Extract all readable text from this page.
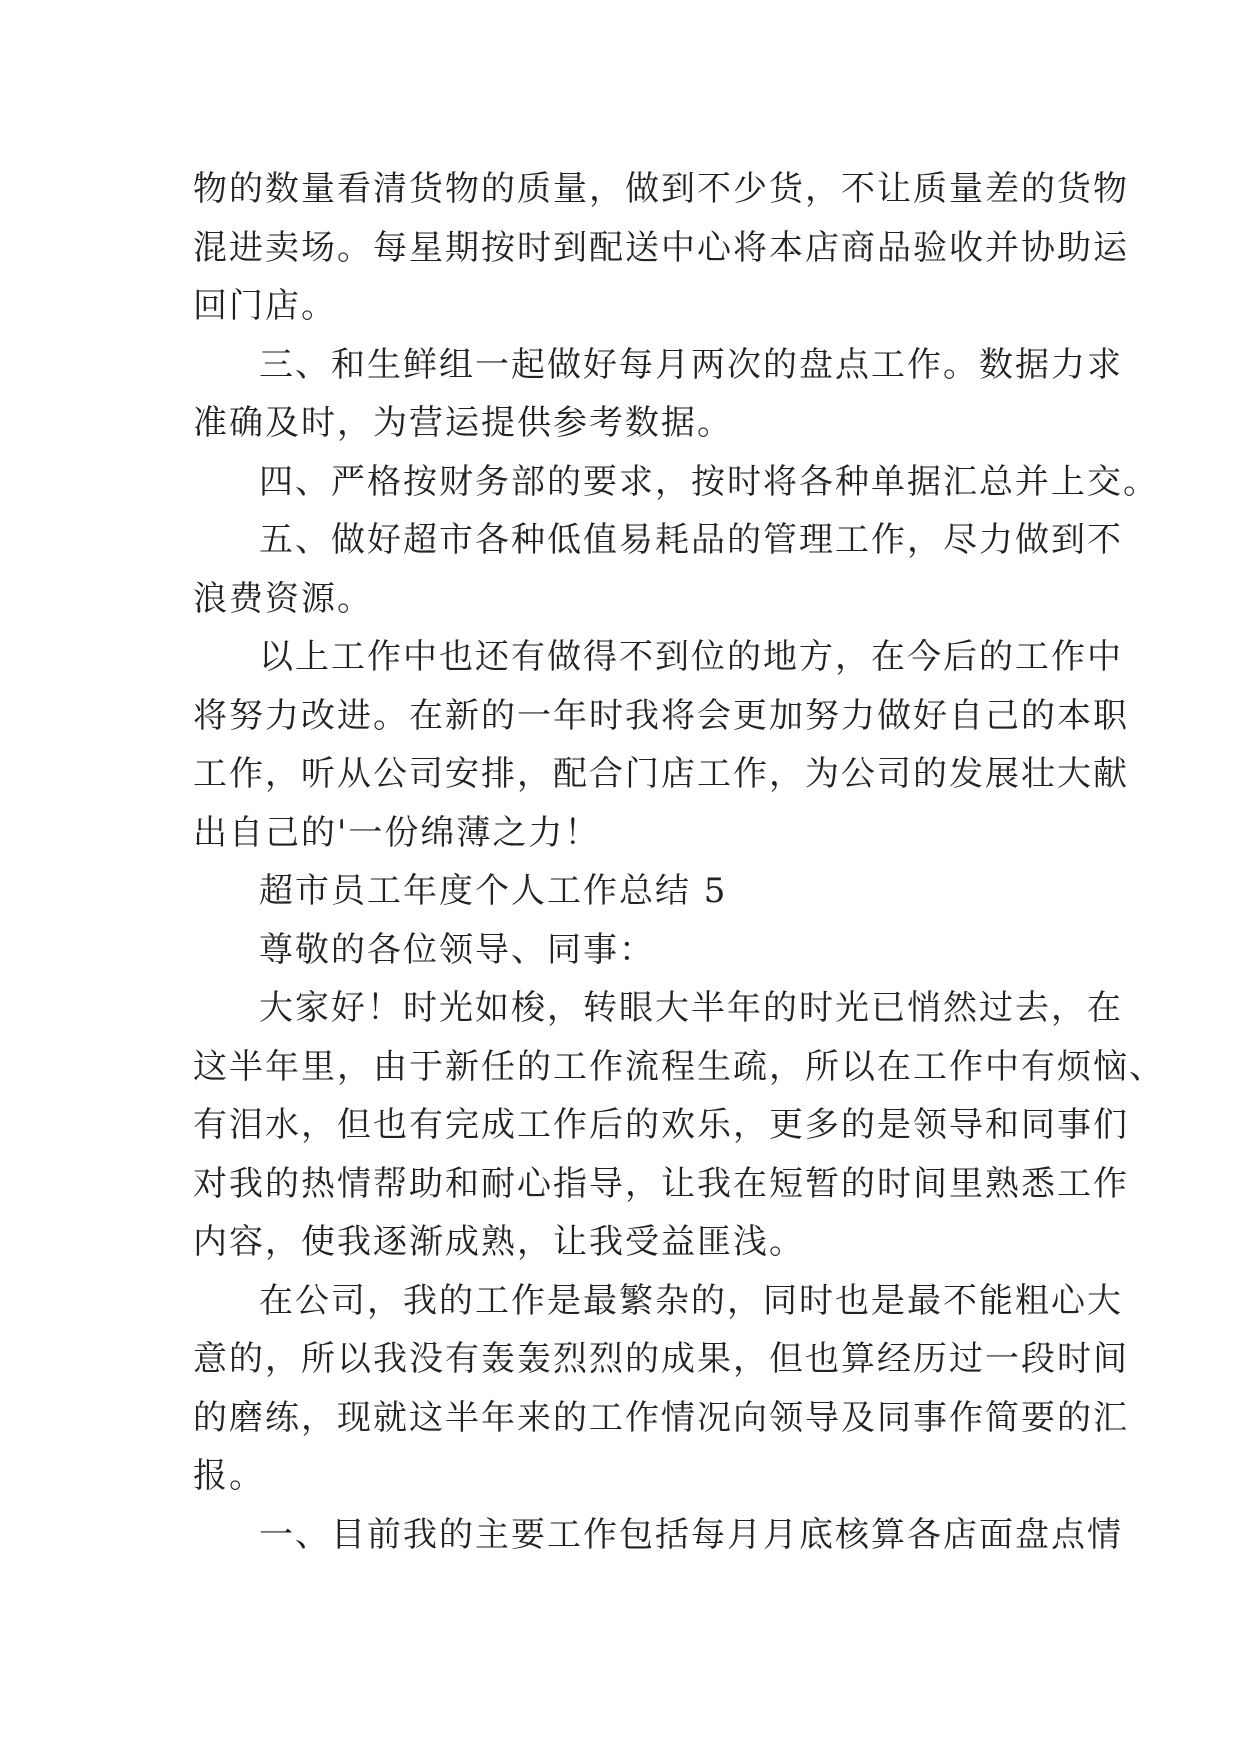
物的数量看清货物的质量，做到不少货，不让质量差的货物

混进卖场。每星期按时到配送中心将本店商品验收并协助运

回门店。

三、和生鲜组一起做好每月两次的盘点工作。数据力求

准确及时，为营运提供参考数据。

四、严格按财务部的要求，按时将各种单据汇总并上交。

五、做好超市各种低值易耗品的管理工作，尽力做到不

浪费资源。

以上工作中也还有做得不到位的地方，在今后的工作中

将努力改进。在新的一年时我将会更加努力做好自己的本职

工作，听从公司安排，配合门店工作，为公司的发展壮大献

出自己的'一份绵薄之力！

超市员工年度个人工作总结 5

尊敬的各位领导、同事：

大家好！时光如梭，转眼大半年的时光已悄然过去，在

这半年里，由于新任的工作流程生疏，所以在工作中有烦恼、

有泪水，但也有完成工作后的欢乐，更多的是领导和同事们

对我的热情帮助和耐心指导，让我在短暂的时间里熟悉工作

内容，使我逐渐成熟，让我受益匪浅。

在公司，我的工作是最繁杂的，同时也是最不能粗心大

意的，所以我没有轰轰烈烈的成果，但也算经历过一段时间

的磨练，现就这半年来的工作情况向领导及同事作简要的汇

报。

一、目前我的主要工作包括每月月底核算各店面盘点情
